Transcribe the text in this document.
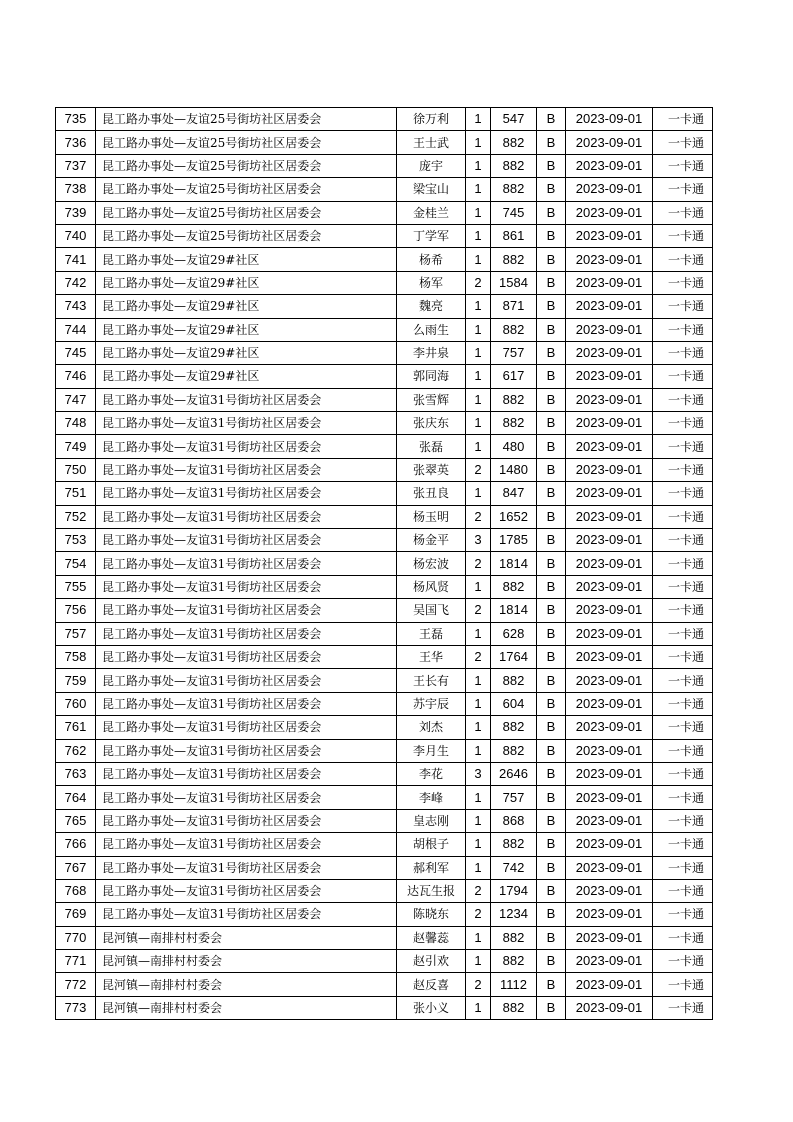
735	昆工路办事处—友谊25号街坊社区居委会	徐万利	1	547	B	2023-09-01	一卡通
736	昆工路办事处—友谊25号街坊社区居委会	王士武	1	882	B	2023-09-01	一卡通
737	昆工路办事处—友谊25号街坊社区居委会	庞宇	1	882	B	2023-09-01	一卡通
738	昆工路办事处—友谊25号街坊社区居委会	梁宝山	1	882	B	2023-09-01	一卡通
739	昆工路办事处—友谊25号街坊社区居委会	金桂兰	1	745	B	2023-09-01	一卡通
740	昆工路办事处—友谊25号街坊社区居委会	丁学军	1	861	B	2023-09-01	一卡通
741	昆工路办事处—友谊29#社区	杨希	1	882	B	2023-09-01	一卡通
742	昆工路办事处—友谊29#社区	杨军	2	1584	B	2023-09-01	一卡通
743	昆工路办事处—友谊29#社区	魏亮	1	871	B	2023-09-01	一卡通
744	昆工路办事处—友谊29#社区	么雨生	1	882	B	2023-09-01	一卡通
745	昆工路办事处—友谊29#社区	李井泉	1	757	B	2023-09-01	一卡通
746	昆工路办事处—友谊29#社区	郭同海	1	617	B	2023-09-01	一卡通
747	昆工路办事处—友谊31号街坊社区居委会	张雪辉	1	882	B	2023-09-01	一卡通
748	昆工路办事处—友谊31号街坊社区居委会	张庆东	1	882	B	2023-09-01	一卡通
749	昆工路办事处—友谊31号街坊社区居委会	张磊	1	480	B	2023-09-01	一卡通
750	昆工路办事处—友谊31号街坊社区居委会	张翠英	2	1480	B	2023-09-01	一卡通
751	昆工路办事处—友谊31号街坊社区居委会	张丑良	1	847	B	2023-09-01	一卡通
752	昆工路办事处—友谊31号街坊社区居委会	杨玉明	2	1652	B	2023-09-01	一卡通
753	昆工路办事处—友谊31号街坊社区居委会	杨金平	3	1785	B	2023-09-01	一卡通
754	昆工路办事处—友谊31号街坊社区居委会	杨宏波	2	1814	B	2023-09-01	一卡通
755	昆工路办事处—友谊31号街坊社区居委会	杨风贤	1	882	B	2023-09-01	一卡通
756	昆工路办事处—友谊31号街坊社区居委会	吴国飞	2	1814	B	2023-09-01	一卡通
757	昆工路办事处—友谊31号街坊社区居委会	王磊	1	628	B	2023-09-01	一卡通
758	昆工路办事处—友谊31号街坊社区居委会	王华	2	1764	B	2023-09-01	一卡通
759	昆工路办事处—友谊31号街坊社区居委会	王长有	1	882	B	2023-09-01	一卡通
760	昆工路办事处—友谊31号街坊社区居委会	苏宇辰	1	604	B	2023-09-01	一卡通
761	昆工路办事处—友谊31号街坊社区居委会	刘杰	1	882	B	2023-09-01	一卡通
762	昆工路办事处—友谊31号街坊社区居委会	李月生	1	882	B	2023-09-01	一卡通
763	昆工路办事处—友谊31号街坊社区居委会	李花	3	2646	B	2023-09-01	一卡通
764	昆工路办事处—友谊31号街坊社区居委会	李峰	1	757	B	2023-09-01	一卡通
765	昆工路办事处—友谊31号街坊社区居委会	皇志刚	1	868	B	2023-09-01	一卡通
766	昆工路办事处—友谊31号街坊社区居委会	胡根子	1	882	B	2023-09-01	一卡通
767	昆工路办事处—友谊31号街坊社区居委会	郝利军	1	742	B	2023-09-01	一卡通
768	昆工路办事处—友谊31号街坊社区居委会	达瓦生报	2	1794	B	2023-09-01	一卡通
769	昆工路办事处—友谊31号街坊社区居委会	陈晓东	2	1234	B	2023-09-01	一卡通
770	昆河镇—南排村村委会	赵馨蕊	1	882	B	2023-09-01	一卡通
771	昆河镇—南排村村委会	赵引欢	1	882	B	2023-09-01	一卡通
772	昆河镇—南排村村委会	赵反喜	2	1112	B	2023-09-01	一卡通
773	昆河镇—南排村村委会	张小义	1	882	B	2023-09-01	一卡通
